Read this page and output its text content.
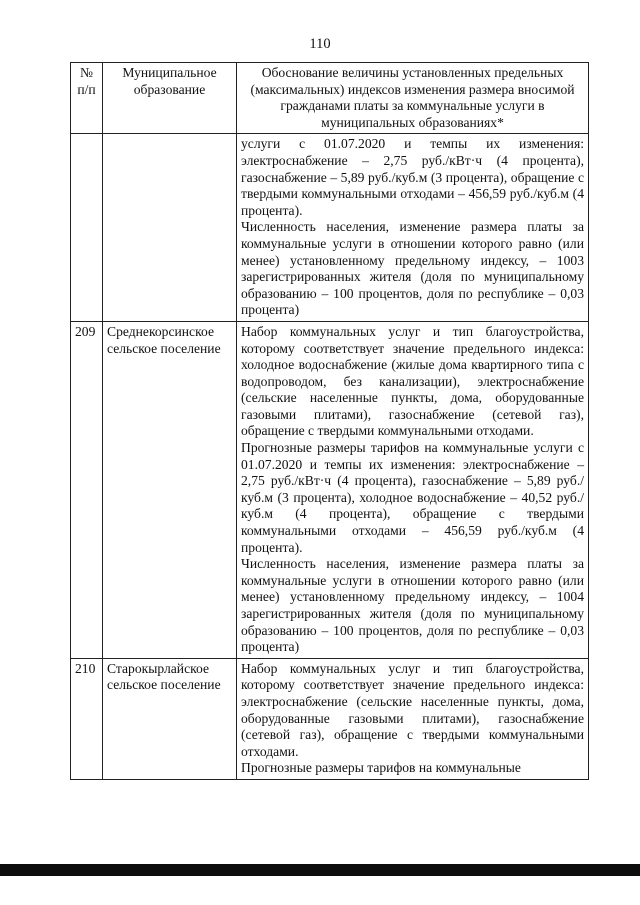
110
№ п/п	Муниципальное образование	Обоснование величины установленных предельных (максимальных) индексов изменения размера вносимой гражданами платы за коммунальные услуги в муниципальных образованиях*

		услуги с 01.07.2020 и темпы их изменения: электроснабжение – 2,75 руб./кВт·ч (4 процента), газоснабжение – 5,89 руб./куб.м (3 процента), обращение с твердыми коммунальными отходами – 456,59 руб./куб.м (4 процента).

Численность населения, изменение размера платы за коммунальные услуги в отношении которого равно (или менее) установленному предельному индексу, – 1003 зарегистрированных жителя (доля по муниципальному образованию – 100 процентов, доля по республике – 0,03 процента)

209	Среднекорсинское сельское поселение	Набор коммунальных услуг и тип благоустройства, которому соответствует значение предельного индекса: холодное водоснабжение (жилые дома квартирного типа с водопроводом, без канализации), электроснабжение (сельские населенные пункты, дома, оборудованные газовыми плитами), газоснабжение (сетевой газ), обращение с твердыми коммунальными отходами.

Прогнозные размеры тарифов на коммунальные услуги с 01.07.2020 и темпы их изменения: электроснабжение – 2,75 руб./кВт·ч (4 процента), газоснабжение – 5,89 руб./куб.м (3 процента), холодное водоснабжение – 40,52 руб./куб.м (4 процента), обращение с твердыми коммунальными отходами – 456,59 руб./куб.м (4 процента).

Численность населения, изменение размера платы за коммунальные услуги в отношении которого равно (или менее) установленному предельному индексу, – 1004 зарегистрированных жителя (доля по муниципальному образованию – 100 процентов, доля по республике – 0,03 процента)

210	Старокырлайское сельское поселение	Набор коммунальных услуг и тип благоустройства, которому соответствует значение предельного индекса: электроснабжение (сельские населенные пункты, дома, оборудованные газовыми плитами), газоснабжение (сетевой газ), обращение с твердыми коммунальными отходами.

Прогнозные размеры тарифов на коммунальные
